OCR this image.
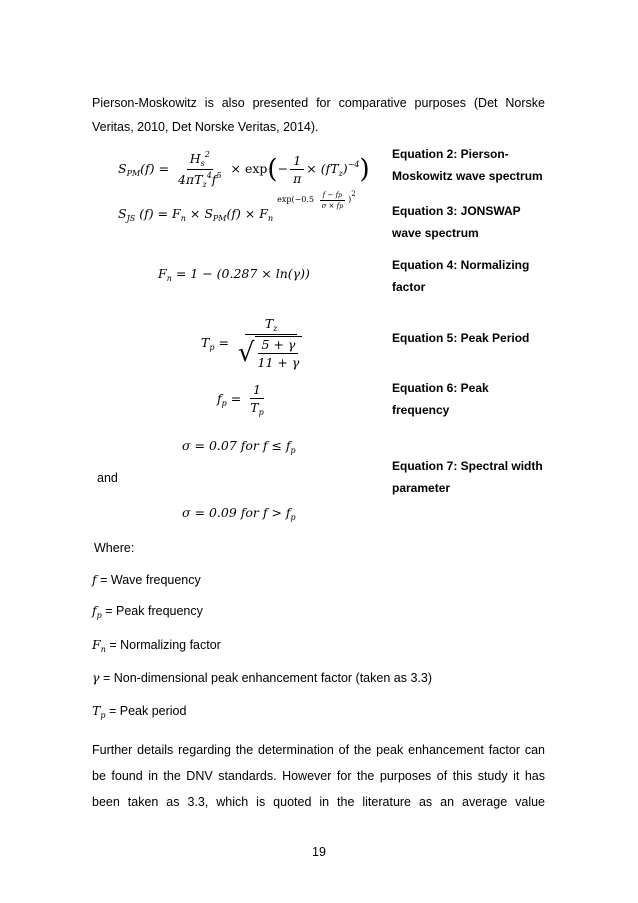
Pierson-Moskowitz is also presented for comparative purposes (Det Norske
Veritas, 2010, Det Norske Veritas, 2014).
$S_{PM}(f) = \frac{H_s^2}{4\pi T_z^4f^5} \times \exp(- \frac{1}{\pi} \times (fT_z)^{-4})$
Equation 2: Pierson-
Moskowitz wave spectrum
$S_{JS}$ $(f) = F_n \times S_{PM}(f) \times F_n$ $^{exp(-0.5 \frac{f - fp}{\sigma \times fp} )2}$
Equation 3: JONSWAP
wave spectrum
$F_n = 1 - (0.287 \times \ln(\gamma))$
Equation 4: Normalizing
factor
$T_p = \frac{T_z}{√ \frac{5 + \gamma}{11 + \gamma}}$	Equation 5: Peak Period
$f_p = \frac{1}{T_p}$	Equation 6: Peak
frequency
σ = 0.07 for $f \le f_p$
and
σ = 0.09 for $f > f_p$
Equation 7: Spectral width
parameter
Where:
f = Wave frequency
$f_p$ = Peak frequency
$F_n$ = Normalizing factor
γ = Non-dimensional peak enhancement factor (taken as 3.3)
$T_p$ = Peak period
Further details regarding the determination of the peak enhancement factor can
be found in the DNV standards. However for the purposes of this study it has
been taken as 3.3, which is quoted in the literature as an average value
19
